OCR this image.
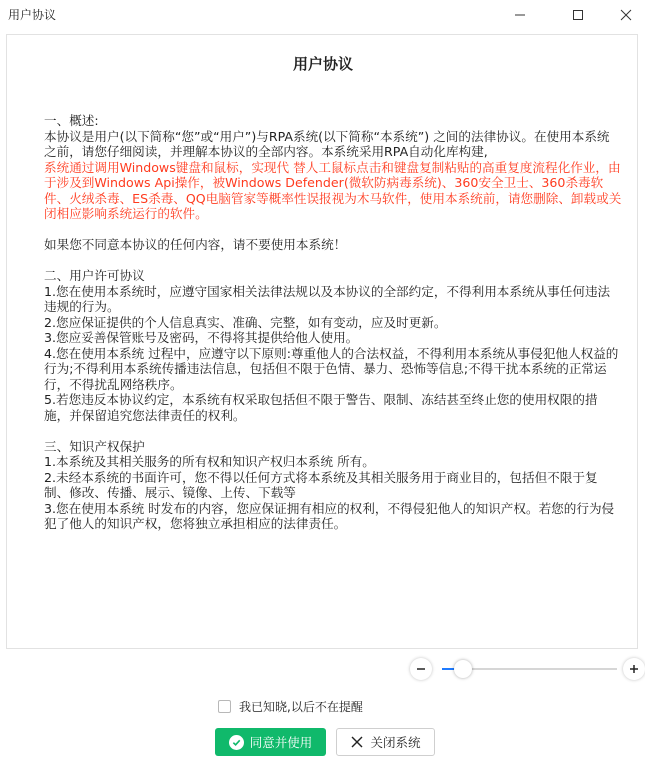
用户协议
用户协议
一、概述:
本协议是用户(以下简称“您”或“用户”)与RPA系统(以下简称“本系统”) 之间的法律协议。在使用本系统之前，请您仔细阅读，并理解本协议的全部内容。本系统采用RPA自动化库构建,
系统通过调用Windows键盘和鼠标，实现代 替人工鼠标点击和键盘复制粘贴的高重复度流程化作业，由于涉及到Windows Api操作，被Windows Defender(微软防病毒系统)、360安全卫士、360杀毒软件、火绒杀毒、ES杀毒、QQ电脑管家等概率性误报视为木马软件，使用本系统前，请您删除、卸载或关闭相应影响系统运行的软件。
如果您不同意本协议的任何内容，请不要使用本系统！
二、用户许可协议
1.您在使用本系统时，应遵守国家相关法律法规以及本协议的全部约定，不得利用本系统从事任何违法违规的行为。
2.您应保证提供的个人信息真实、准确、完整，如有变动，应及时更新。
3.您应妥善保管账号及密码，不得将其提供给他人使用。
4.您在使用本系统 过程中，应遵守以下原则:尊重他人的合法权益，不得利用本系统从事侵犯他人权益的行为;不得利用本系统传播违法信息，包括但不限于色情、暴力、恐怖等信息;不得干扰本系统的正常运行，不得扰乱网络秩序。
5.若您违反本协议约定，本系统有权采取包括但不限于警告、限制、冻结甚至终止您的使用权限的措施，并保留追究您法律责任的权利。
三、知识产权保护
1.本系统及其相关服务的所有权和知识产权归本系统 所有。
2.未经本系统的书面许可，您不得以任何方式将本系统及其相关服务用于商业目的，包括但不限于复制、修改、传播、展示、镜像、上传、下载等
3.您在使用本系统 时发布的内容，您应保证拥有相应的权利，不得侵犯他人的知识产权。若您的行为侵犯了他人的知识产权，您将独立承担相应的法律责任。
我已知晓,以后不在提醒
同意并使用	关闭系统
